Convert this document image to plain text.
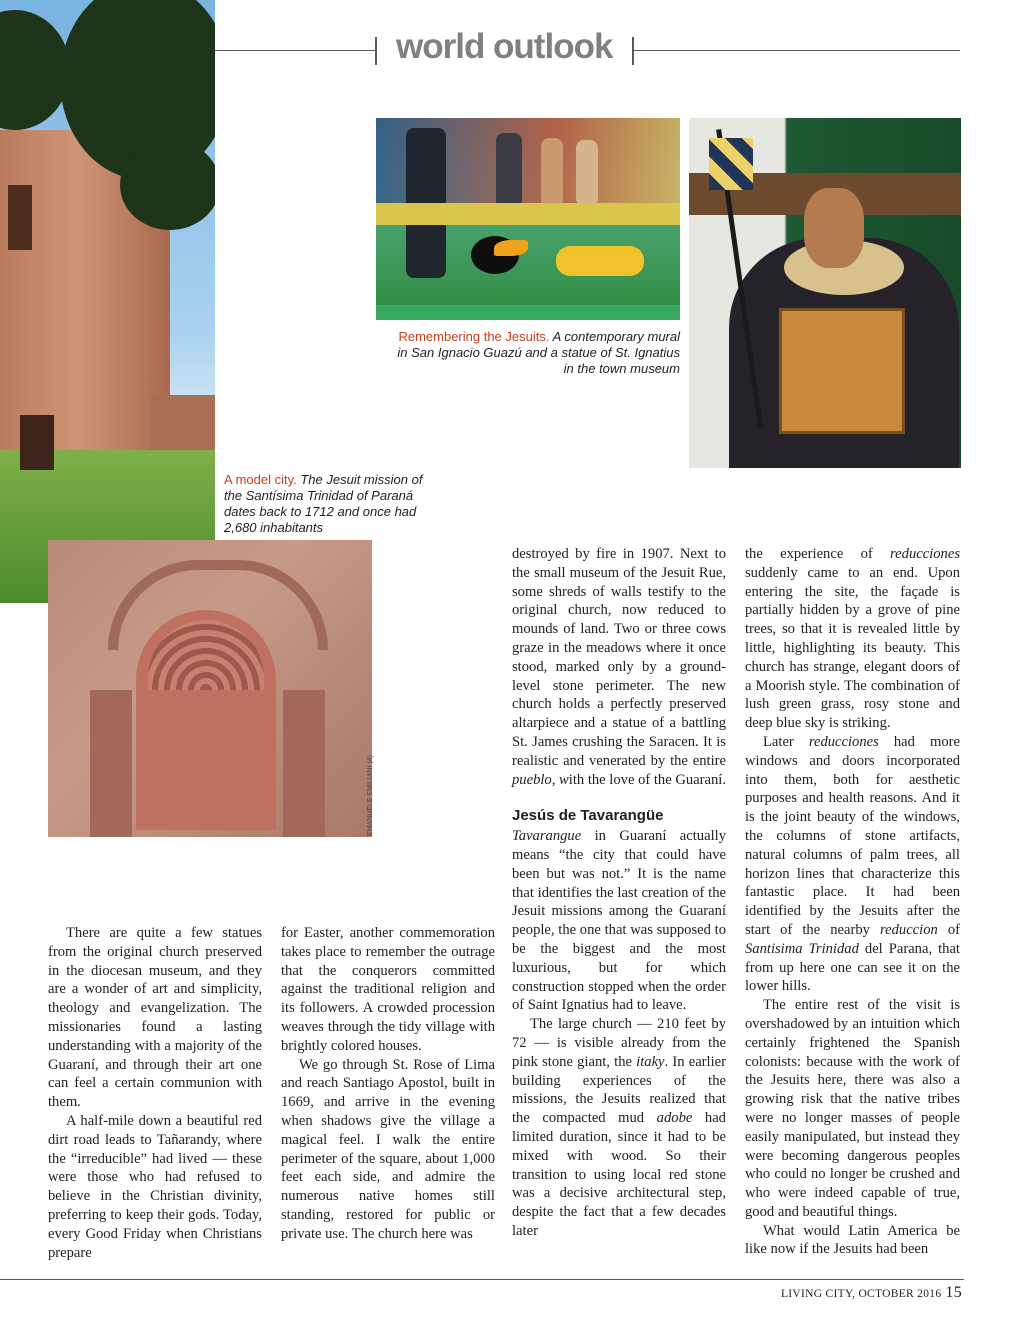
world outlook
Remembering the Jesuits. A contemporary mural in San Ignacio Guazú and a statue of St. Ignatius in the town museum
A model city. The Jesuit mission of the Santísima Trinidad of Paraná dates back to 1712 and once had 2,680 inhabitants
EMANUELE EMILIANI (4)

There are quite a few statues from the original church preserved in the diocesan museum, and they are a wonder of art and simplicity, theology and evangelization. The missionaries found a lasting understanding with a majority of the Guaraní, and through their art one can feel a certain communion with them.

A half-mile down a beautiful red dirt road leads to Tañarandy, where the “irreducible” had lived — these were those who had refused to believe in the Christian divinity, preferring to keep their gods. Today, every Good Friday when Christians prepare

for Easter, another commemoration takes place to remember the outrage that the conquerors committed against the traditional religion and its followers. A crowded procession weaves through the tidy village with brightly colored houses.

We go through St. Rose of Lima and reach Santiago Apostol, built in 1669, and arrive in the evening when shadows give the village a magical feel. I walk the entire perimeter of the square, about 1,000 feet each side, and admire the numerous native homes still standing, restored for public or private use. The church here was

destroyed by fire in 1907. Next to the small museum of the Jesuit Rue, some shreds of walls testify to the original church, now reduced to mounds of land. Two or three cows graze in the meadows where it once stood, marked only by a ground-level stone perimeter. The new church holds a perfectly preserved altarpiece and a statue of a battling St. James crushing the Saracen. It is realistic and venerated by the entire pueblo, with the love of the Guaraní.

Jesús de Tavarangüe

Tavarangue in Guaraní actually means “the city that could have been but was not.” It is the name that identifies the last creation of the Jesuit missions among the Guaraní people, the one that was supposed to be the biggest and the most luxurious, but for which construction stopped when the order of Saint Ignatius had to leave.

The large church — 210 feet by 72 — is visible already from the pink stone giant, the itaky. In earlier building experiences of the missions, the Jesuits realized that the compacted mud adobe had limited duration, since it had to be mixed with wood. So their transition to using local red stone was a decisive architectural step, despite the fact that a few decades later

the experience of reducciones suddenly came to an end. Upon entering the site, the façade is partially hidden by a grove of pine trees, so that it is revealed little by little, highlighting its beauty. This church has strange, elegant doors of a Moorish style. The combination of lush green grass, rosy stone and deep blue sky is striking.

Later reducciones had more windows and doors incorporated into them, both for aesthetic purposes and health reasons. And it is the joint beauty of the windows, the columns of stone artifacts, natural columns of palm trees, all horizon lines that characterize this fantastic place. It had been identified by the Jesuits after the start of the nearby reduccion of Santisima Trinidad del Parana, that from up here one can see it on the lower hills.

The entire rest of the visit is overshadowed by an intuition which certainly frightened the Spanish colonists: because with the work of the Jesuits here, there was also a growing risk that the native tribes were no longer masses of people easily manipulated, but instead they were becoming dangerous peoples who could no longer be crushed and who were indeed capable of true, good and beautiful things.

What would Latin America be like now if the Jesuits had been

LIVING CITY, OCTOBER 2016 15
